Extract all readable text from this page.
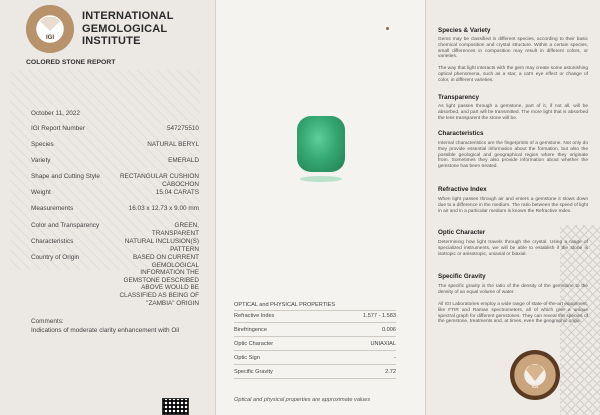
IGI
INTERNATIONAL
GEMOLOGICAL
INSTITUTE
COLORED STONE REPORT
October 11, 2022
IGI Report Number	547275510
Species	NATURAL BERYL
Variety	EMERALD
Shape and Cutting Style	RECTANGULAR CUSHION CABOCHON
Weight	15.04 CARATS
Measurements	16.03 x 12.73 x 9.00 mm
Color and Transparency	GREEN, TRANSPARENT
Characteristics	NATURAL INCLUSION(S) PATTERN
Country of Origin	BASED ON CURRENT GEMOLOGICAL INFORMATION THE GEMSTONE DESCRIBED ABOVE WOULD BE CLASSIFIED AS BEING OF "ZAMBIA" ORIGIN
Comments:
Indications of moderate clarity enhancement with Oil
OPTICAL and PHYSICAL PROPERTIES
Refractive Index	1.577 - 1.583
Birefringence	0.006
Optic Character	UNIAXIAL
Optic Sign	-
Specific Gravity	2.72
Optical and physical properties are approximate values
Species & Variety
Gems may be classified in different species, according to their basic chemical composition and crystal structure. Within a certain species, small differences in composition may result in different colors, or varieties.
The way that light interacts with the gem may create some astonishing optical phenomena, such as a star, a cat's eye effect or change of color, in different varieties.
Transparency
As light passes through a gemstone, part of it, if not all, will be absorbed, and part will be transmitted. The more light that is absorbed the less transparent the stone will be.
Characteristics
Internal characteristics are the fingerprints of a gemstone. Not only do they provide essential information about the formation, but also the possible geological and geographical region where they originate from. Sometimes they also provide information about whether the gemstone has been treated.
Refractive Index
When light passes through air and enters a gemstone it slows down due to a difference in the medium. The ratio between the speed of light in air and in a particular medium is known the Refractive Index.
Optic Character
Determining how light travels through the crystal. Using a range of specialized instruments, we will be able to establish if the stone is isotropic or anisotropic, uniaxial or biaxial.
Specific Gravity
The specific gravity is the ratio of the density of the gemstone to the density of an equal volume of water.
All IGI Laboratories employ a wide range of state-of-the-art equipment, like FTIR and Raman spectrometers, all of which give a unique spectral graph for different gemstones. They can reveal the species of the gemstone, treatments and, at times, even the geographic origin.
IGI
